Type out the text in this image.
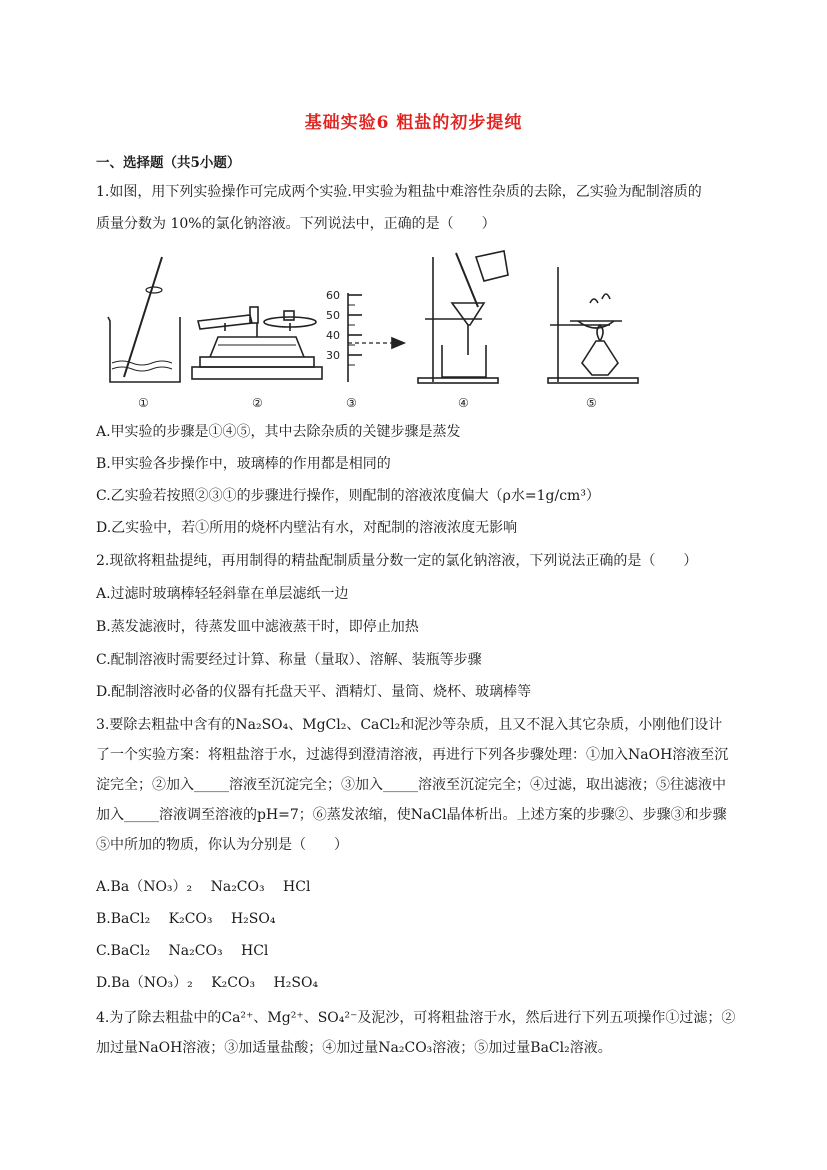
基础实验6 粗盐的初步提纯
一、选择题（共5小题）
1.如图，用下列实验操作可完成两个实验.甲实验为粗盐中难溶性杂质的去除，乙实验为配制溶质的
质量分数为 10%的氯化钠溶液。下列说法中，正确的是（　　）
60
50
40
30
①	②	③	④	⑤
A.甲实验的步骤是①④⑤，其中去除杂质的关键步骤是蒸发
B.甲实验各步操作中，玻璃棒的作用都是相同的
C.乙实验若按照②③①的步骤进行操作，则配制的溶液浓度偏大（ρ水=1g/cm³）
D.乙实验中，若①所用的烧杯内壁沾有水，对配制的溶液浓度无影响
2.现欲将粗盐提纯，再用制得的精盐配制质量分数一定的氯化钠溶液，下列说法正确的是（　　）
A.过滤时玻璃棒轻轻斜靠在单层滤纸一边
B.蒸发滤液时，待蒸发皿中滤液蒸干时，即停止加热
C.配制溶液时需要经过计算、称量（量取）、溶解、装瓶等步骤
D.配制溶液时必备的仪器有托盘天平、酒精灯、量筒、烧杯、玻璃棒等
3.要除去粗盐中含有的Na₂SO₄、MgCl₂、CaCl₂和泥沙等杂质，且又不混入其它杂质，小刚他们设计了一个实验方案：将粗盐溶于水，过滤得到澄清溶液，再进行下列各步骤处理：①加入NaOH溶液至沉淀完全；②加入_____溶液至沉淀完全；③加入_____溶液至沉淀完全；④过滤，取出滤液；⑤往滤液中加入_____溶液调至溶液的pH=7；⑥蒸发浓缩，使NaCl晶体析出。上述方案的步骤②、步骤③和步骤⑤中所加的物质，你认为分别是（　　）
A.Ba（NO₃）₂　 Na₂CO₃　 HCl
B.BaCl₂　 K₂CO₃　 H₂SO₄
C.BaCl₂　 Na₂CO₃　 HCl
D.Ba（NO₃）₂　 K₂CO₃　 H₂SO₄
4.为了除去粗盐中的Ca²⁺、Mg²⁺、SO₄²⁻及泥沙，可将粗盐溶于水，然后进行下列五项操作①过滤；②加过量NaOH溶液；③加适量盐酸；④加过量Na₂CO₃溶液；⑤加过量BaCl₂溶液。
